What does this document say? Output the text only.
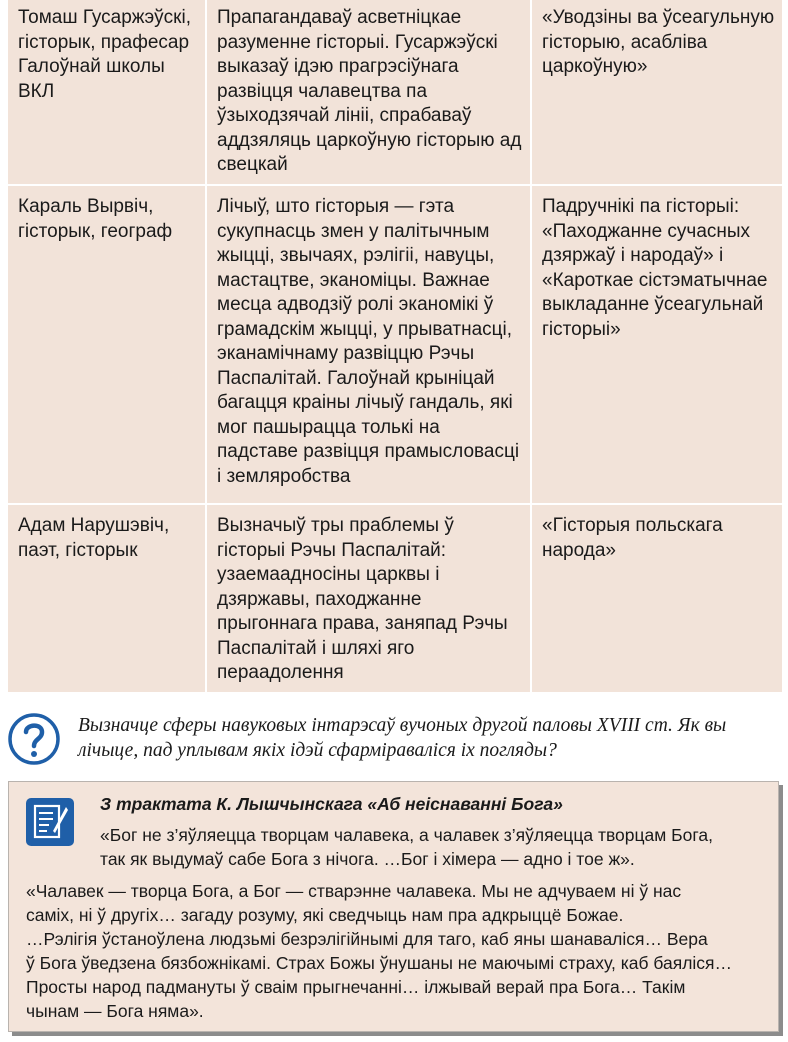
Томаш Гусаржэўскі, гісторык, прафесар Галоўнай школы ВКЛ
Прапагандаваў асветніцкае разуменне гісторыі. Гусаржэўскі выказаў ідэю прагрэсіўнага развіцця чалавецтва па ўзыходзячай лініі, спрабаваў аддзяляць царкоўную гісторыю ад свецкай
«Уводзіны ва ўсеагульную гісторыю, асабліва царкоўную»
Караль Вырвіч,
гісторык, географ
Лічыў, што гісторыя — гэта сукупнасць змен у палітычным жыцці, звычаях, рэлігіі, навуцы, мастацтве, эканоміцы. Важнае месца адводзіў ролі эканомікі ў грамадскім жыцці, у прыватнасці, эканамічнаму развіццю Рэчы Паспалітай. Галоўнай крыніцай багацця краіны лічыў гандаль, які мог пашырацца толькі на падставе развіцця прамысловасці і земляробства
Падручнікі па гісторыі: «Паходжанне сучасных дзяржаў і народаў» і «Кароткае сістэматычнае выкладанне ўсеагульнай гісторыі»
Адам Нарушэвіч,
паэт, гісторык
Вызначыў тры праблемы ў гісторыі Рэчы Паспалітай: узаемаадносіны царквы і дзяржавы, паходжанне прыгоннага права, заняпад Рэчы Паспалітай і шляхі яго пераадолення
«Гісторыя польскага
народа»
Вызначце сферы навуковых інтарэсаў вучоных другой паловы XVIII ст. Як вы
лічыце, пад уплывам якіх ідэй сфарміраваліся іх погляды?
З трактата К. Лышчынскага «Аб неіснаванні Бога»
«Бог не з’яўляецца творцам чалавека, а чалавек з’яўляецца творцам Бога,
так як выдумаў сабе Бога з нічога. …Бог і хімера — адно і тое ж».
«Чалавек — творца Бога, а Бог — стварэнне чалавека. Мы не адчуваем ні ў нас
саміх, ні ў другіх… загаду розуму, які сведчыць нам пра адкрыццё Божае.
…Рэлігія ўстаноўлена людзьмі безрэлігійнымі для таго, каб яны шанаваліся… Вера
ў Бога ўведзена бязбожнікамі. Страх Божы ўнушаны не маючымі страху, каб баяліся…
Просты народ падмануты ў сваім прыгнечанні… ілжывай верай пра Бога… Такім
чынам — Бога няма».
